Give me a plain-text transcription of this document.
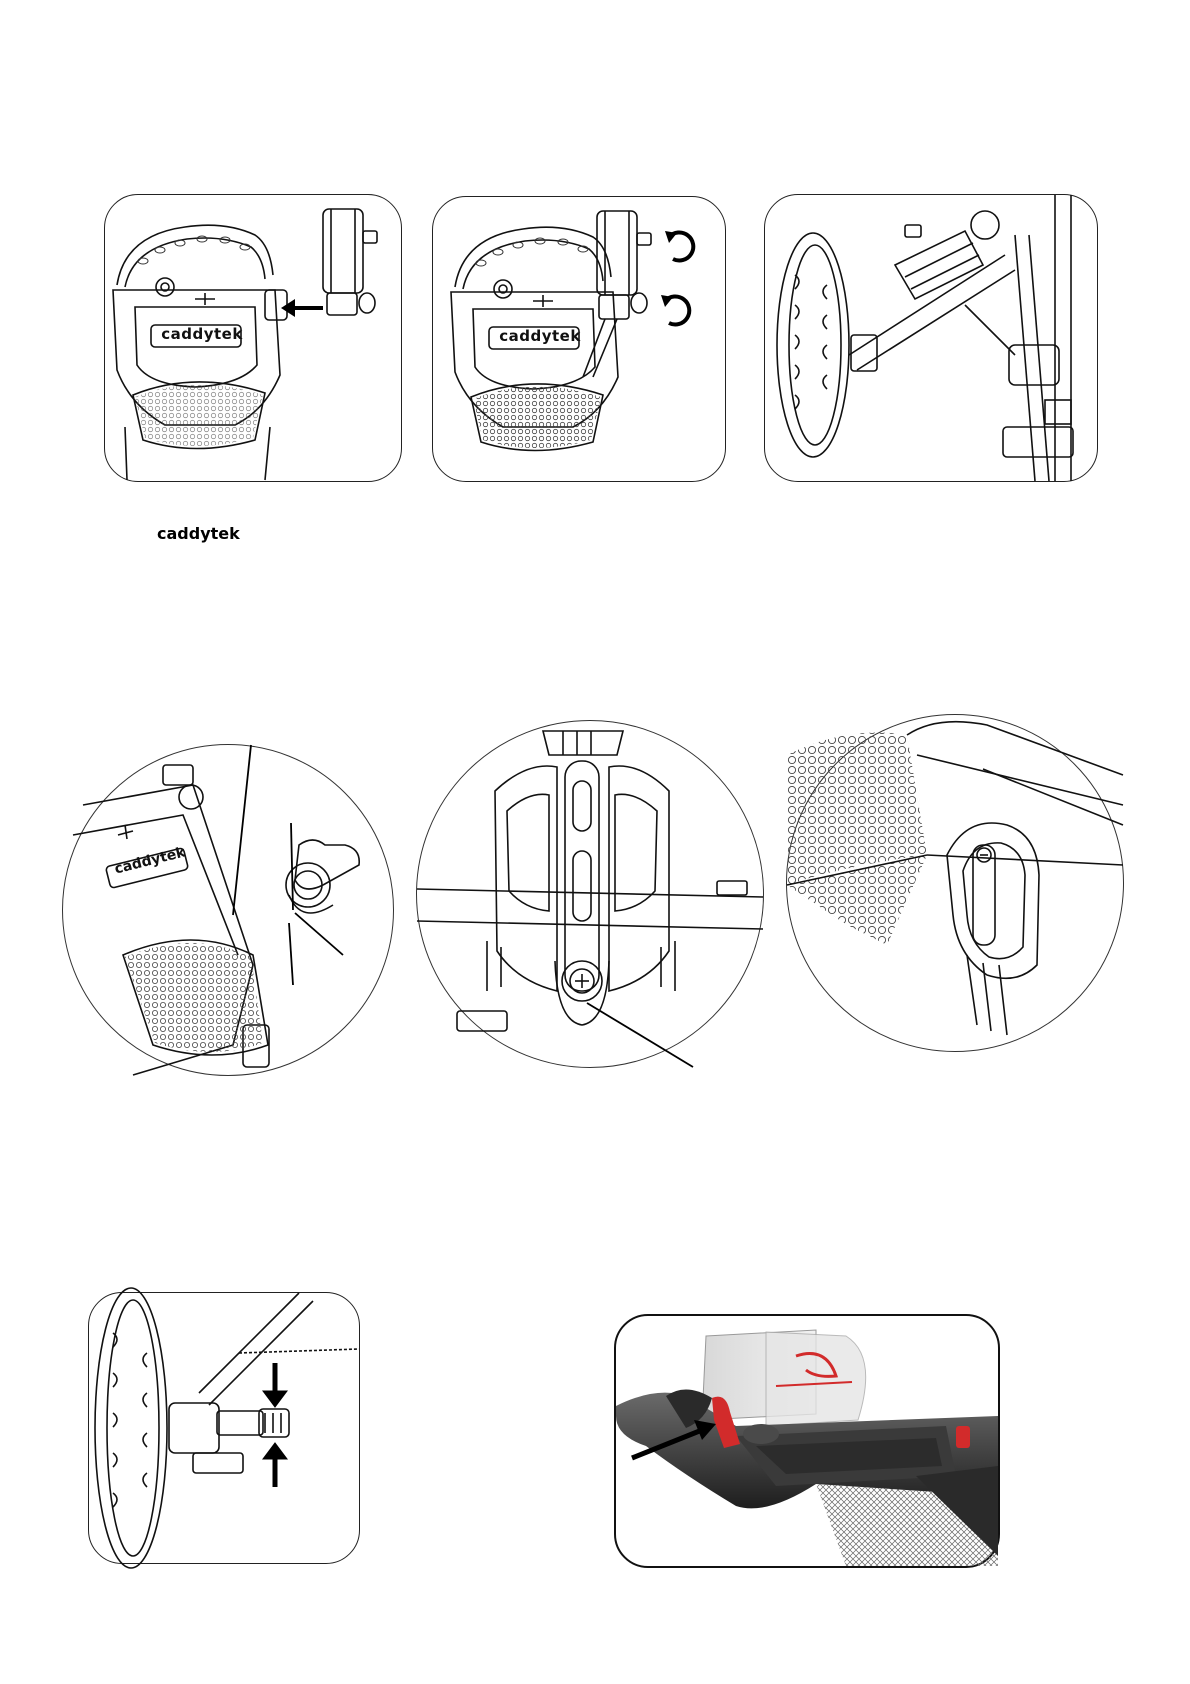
caddytek
caddytek	caddytek
caddytek
